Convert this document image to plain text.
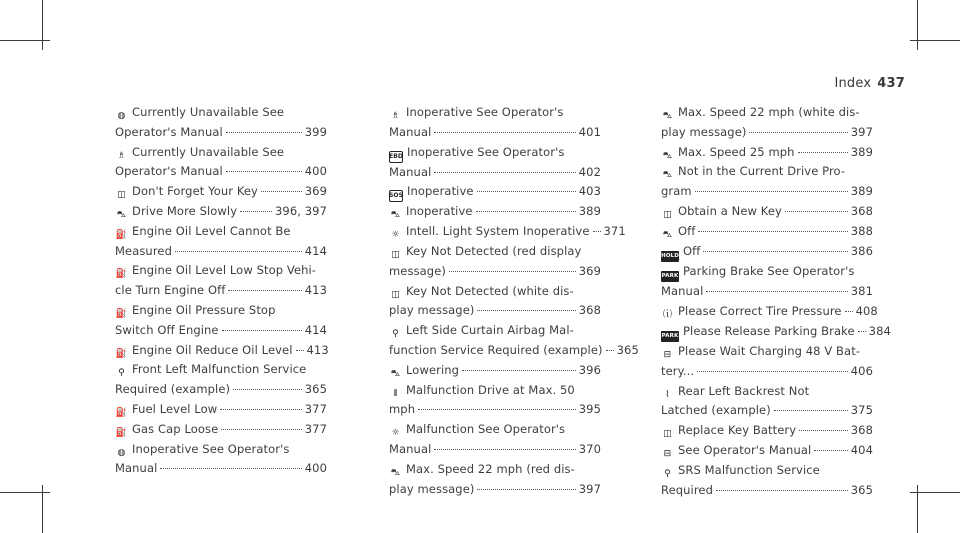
Index 437
◍ Currently Unavailable See
Operator's Manual	399
♗ Currently Unavailable See
Operator's Manual	400
◫ Don't Forget Your Key	369
⛍ Drive More Slowly	396, 397
⛽ Engine Oil Level Cannot Be
Measured	414
⛽ Engine Oil Level Low Stop Vehi-
cle Turn Engine Off	413
⛽ Engine Oil Pressure Stop
Switch Off Engine	414
⛽ Engine Oil Reduce Oil Level 413
⚲ Front Left Malfunction Service
Required (example)	365
⛽ Fuel Level Low	377
⛽ Gas Cap Loose	377
◍ Inoperative See Operator's
Manual	400
♗ Inoperative See Operator's
Manual	401
EBD Inoperative See Operator's
Manual	402
SOS Inoperative	403
⛍ Inoperative	389
☼ Intell. Light System Inoperative 371
◫ Key Not Detected (red display
message)	369
◫ Key Not Detected (white dis-
play message)	368
⚲ Left Side Curtain Airbag Mal-
function Service Required (example) 365
⛍ Lowering	396
⫴ Malfunction Drive at Max. 50
mph	395
☼ Malfunction See Operator's
Manual	370
⛍ Max. Speed 22 mph (red dis-
play message)	397
⛍ Max. Speed 22 mph (white dis-
play message)	397
⛍ Max. Speed 25 mph	389
⛍ Not in the Current Drive Pro-
gram	389
◫ Obtain a New Key	368
⛍ Off	388
HOLD Off	386
PARK Parking Brake See Operator's
Manual	381
⒤ Please Correct Tire Pressure 408
PARK Please Release Parking Brake 384
⊟ Please Wait Charging 48 V Bat-
tery...	406
⌇ Rear Left Backrest Not
Latched (example)	375
◫ Replace Key Battery	368
⊟ See Operator's Manual	404
⚲ SRS Malfunction Service
Required	365
